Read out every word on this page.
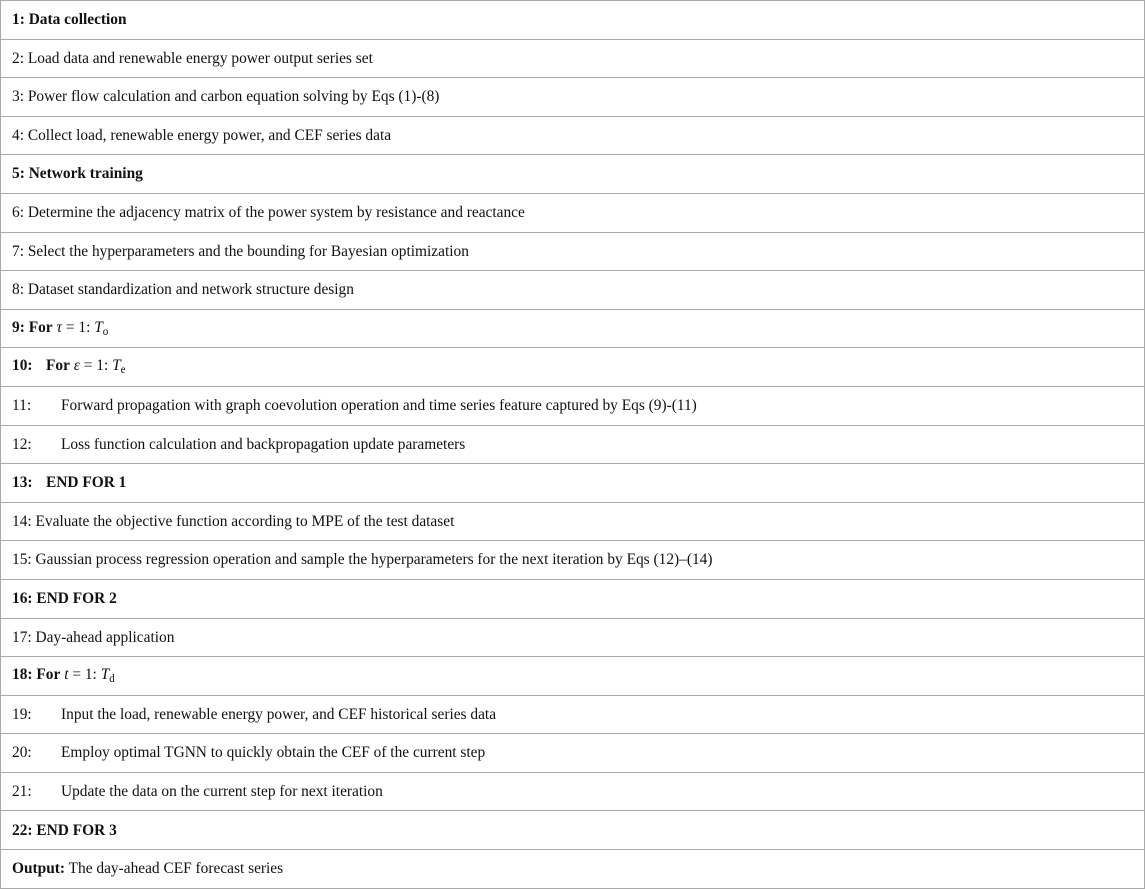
1: Data collection
2: Load data and renewable energy power output series set
3: Power flow calculation and carbon equation solving by Eqs (1)-(8)
4: Collect load, renewable energy power, and CEF series data
5: Network training
6: Determine the adjacency matrix of the power system by resistance and reactance
7: Select the hyperparameters and the bounding for Bayesian optimization
8: Dataset standardization and network structure design
9: For τ = 1: $T_o$
10: For ε = 1: $T_e$
11: Forward propagation with graph coevolution operation and time series feature captured by Eqs (9)-(11)
12: Loss function calculation and backpropagation update parameters
13: END FOR 1
14: Evaluate the objective function according to MPE of the test dataset
15: Gaussian process regression operation and sample the hyperparameters for the next iteration by Eqs (12)–(14)
16: END FOR 2
17: Day-ahead application
18: For t = 1: $T_d$
19: Input the load, renewable energy power, and CEF historical series data
20: Employ optimal TGNN to quickly obtain the CEF of the current step
21: Update the data on the current step for next iteration
22: END FOR 3
Output: The day-ahead CEF forecast series
